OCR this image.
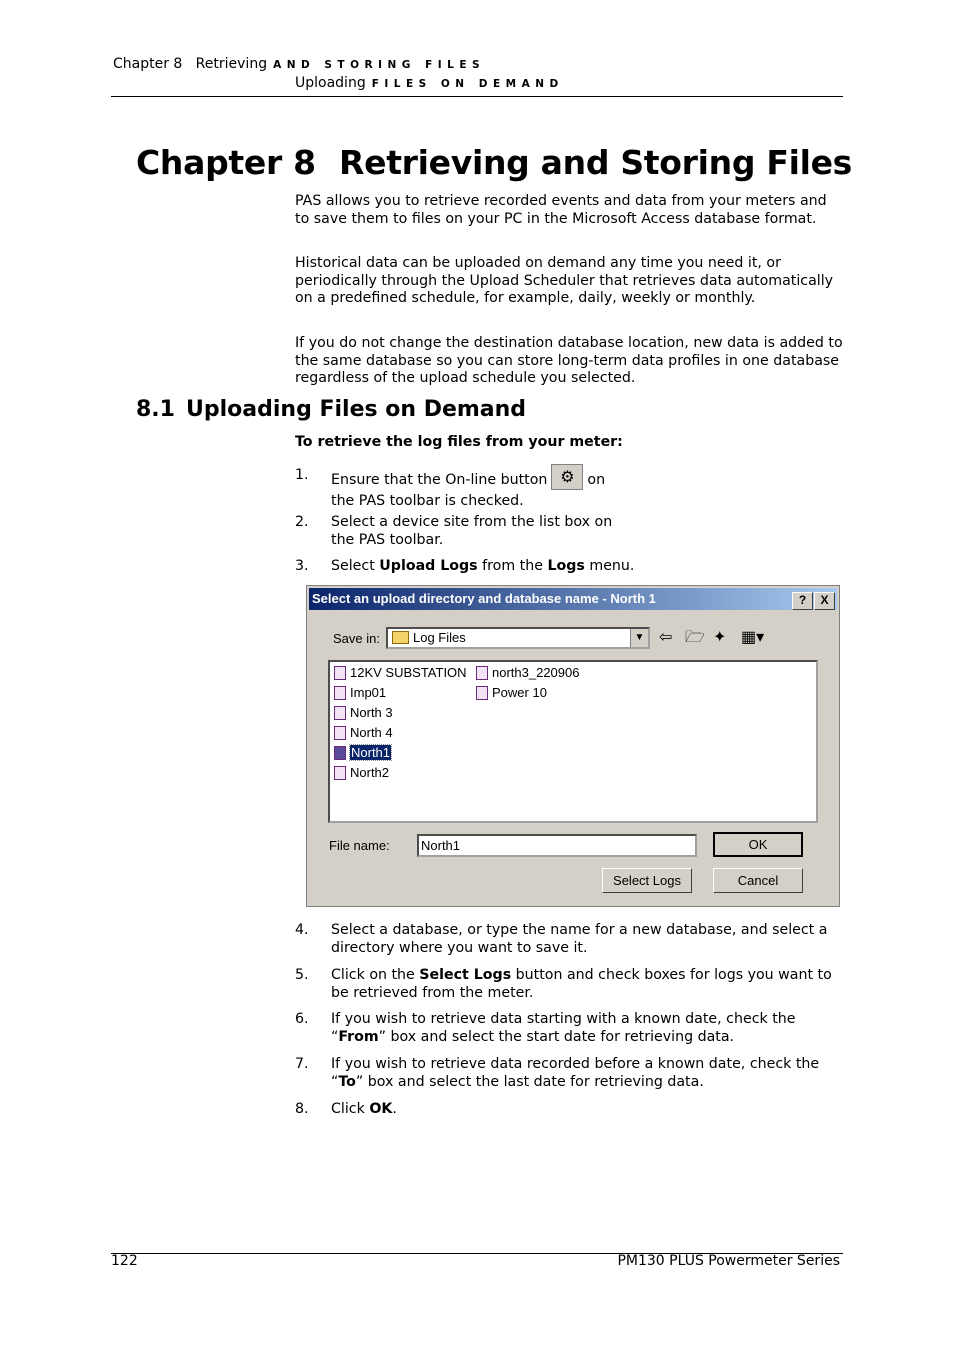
Chapter 8   Retrieving AND STORING FILES
Uploading FILES ON DEMAND
Chapter 8 Retrieving and Storing Files

PAS allows you to retrieve recorded events and data from your meters and to save them to files on your PC in the Microsoft Access database format.

Historical data can be uploaded on demand any time you need it, or periodically through the Upload Scheduler that retrieves data automatically on a predefined schedule, for example, daily, weekly or monthly.

If you do not change the destination database location, new data is added to the same database so you can store long-term data profiles in one database regardless of the upload schedule you selected.

8.1 Uploading Files on Demand
To retrieve the log files from your meter:
1. Ensure that the On-line button ⚙ on
the PAS toolbar is checked.
2. Select a device site from the list box on
the PAS toolbar.
3. Select Upload Logs from the Logs menu.
Select an upload directory and database name - North 1	?	X
Save in:	Log Files	▼ ⇦ 🗁 ✦ ▦▾
12KV SUBSTATION
Imp01
North 3
North 4
North1
North2
north3_220906
Power 10
File name:	North1	OK
Select Logs	Cancel
4. Select a database, or type the name for a new database, and select a directory where you want to save it.
5. Click on the Select Logs button and check boxes for logs you want to be retrieved from the meter.
6. If you wish to retrieve data starting with a known date, check the “From” box and select the start date for retrieving data.
7. If you wish to retrieve data recorded before a known date, check the “To” box and select the last date for retrieving data.
8. Click OK.
122	PM130 PLUS Powermeter Series
